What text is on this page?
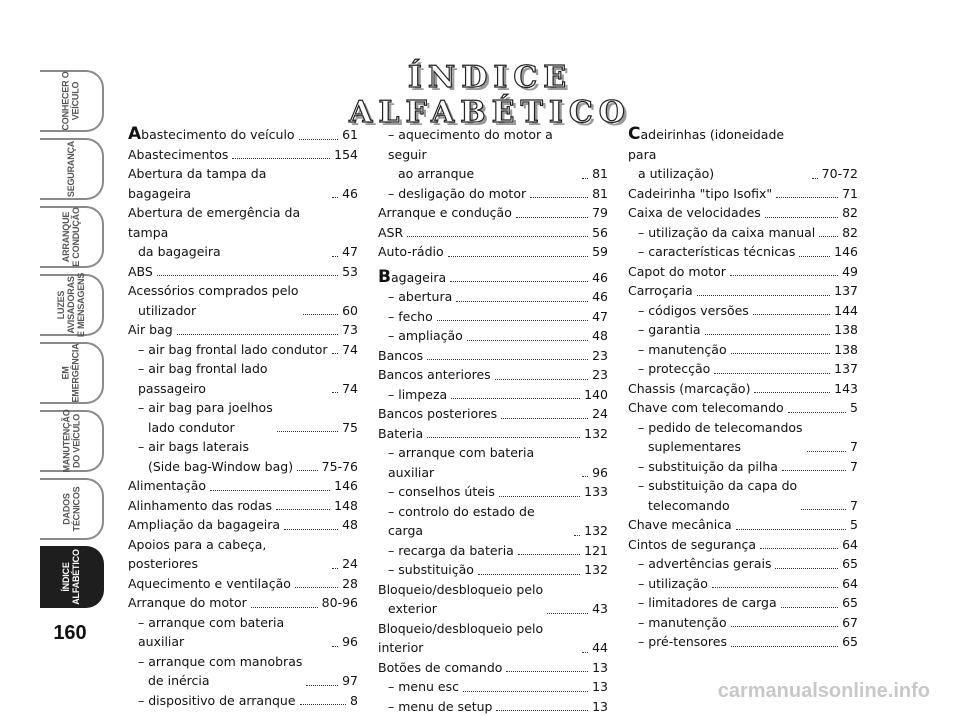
CONHECER O
VEÍCULO
SEGURANÇA
ARRANQUE
E CONDUÇÃO
LUZES
AVISADORAS
E MENSAGENS
EM
EMERGÊNCIA
MANUTENÇÃO
DO VEÍCULO
DADOS
TÉCNICOS
ÍNDICE
ALFABÉTICO
160
ÍNDICE ALFABÉTICO
Abastecimento do veículo	61
Abastecimentos	154
Abertura da tampa da bagageira	46
Abertura de emergência da tampa
da bagageira	47
ABS	53
Acessórios comprados pelo
utilizador	60
Air bag	73
– air bag frontal lado condutor 74
– air bag frontal lado passageiro	74
– air bag para joelhos
lado condutor	75
– air bags laterais
(Side bag-Window bag) 75-76
Alimentação	146
Alinhamento das rodas	148
Ampliação da bagageira	48
Apoios para a cabeça, posteriores	24
Aquecimento e ventilação	28
Arranque do motor	80-96
– arranque com bateria auxiliar	96
– arranque com manobras
de inércia	97
– dispositivo de arranque	8
– aquecimento do motor a seguir
ao arranque	81
– desligação do motor	81
Arranque e condução	79
ASR	56
Auto-rádio	59
Bagageira	46
– abertura	46
– fecho	47
– ampliação	48
Bancos	23
Bancos anteriores	23
– limpeza	140
Bancos posteriores	24
Bateria	132
– arranque com bateria auxiliar	96
– conselhos úteis	133
– controlo do estado de carga	132
– recarga da bateria	121
– substituição	132
Bloqueio/desbloqueio pelo
exterior	43
Bloqueio/desbloqueio pelo interior	44
Botões de comando	13
– menu esc	13
– menu de setup	13
Cadeirinhas (idoneidade para
a utilização)	70-72
Cadeirinha "tipo Isofix"	71
Caixa de velocidades	82
– utilização da caixa manual 82
– características técnicas	146
Capot do motor	49
Carroçaria	137
– códigos versões	144
– garantia	138
– manutenção	138
– protecção	137
Chassis (marcação)	143
Chave com telecomando	5
– pedido de telecomandos
suplementares	7
– substituição da pilha	7
– substituição da capa do
telecomando	7
Chave mecânica	5
Cintos de segurança	64
– advertências gerais	65
– utilização	64
– limitadores de carga	65
– manutenção	67
– pré-tensores	65
carmanualsonline.info
